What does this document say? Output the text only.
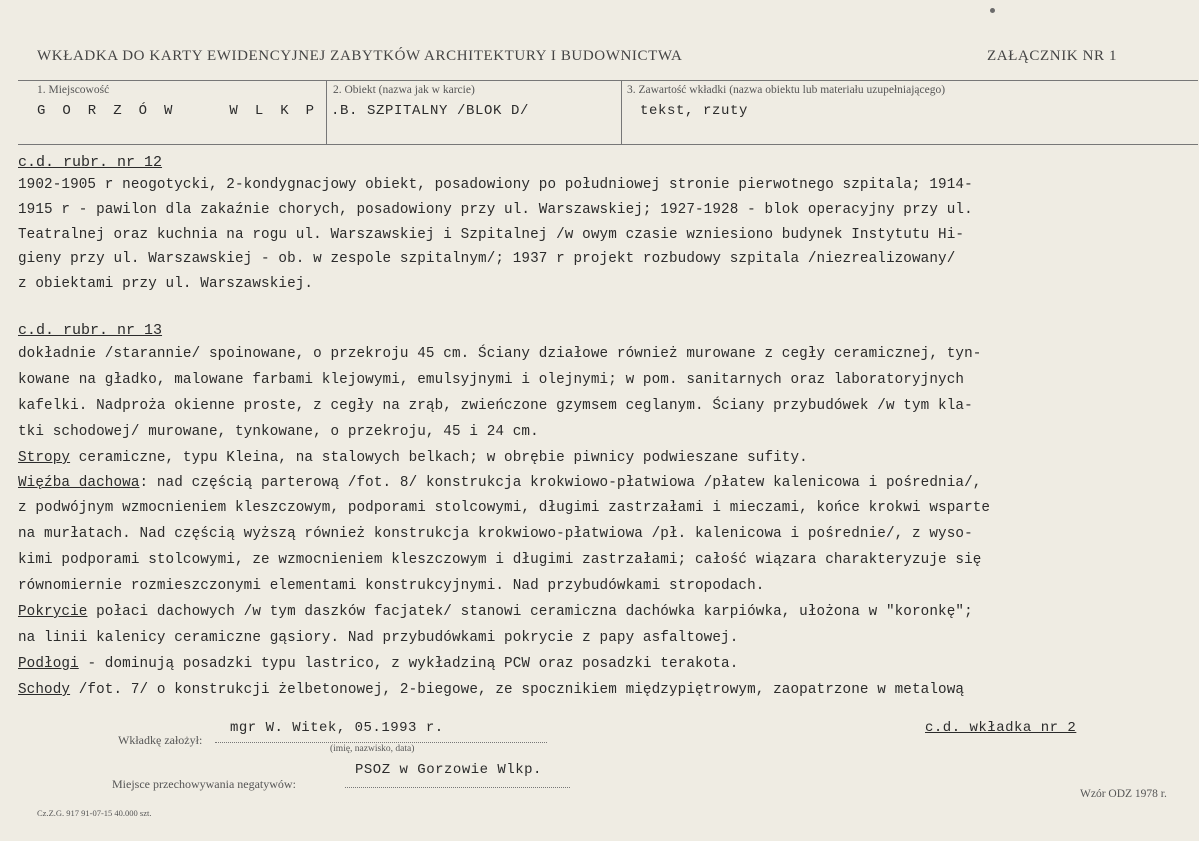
WKŁADKA DO KARTY EWIDENCYJNEJ ZABYTKÓW ARCHITEKTURY I BUDOWNICTWA	ZAŁĄCZNIK NR 1
1. Miejscowość
GORZÓW	WLKP.
2. Obiekt (nazwa jak w karcie)
B. SZPITALNY /BLOK D/
3. Zawartość wkładki (nazwa obiektu lub materiału uzupełniającego)
tekst, rzuty
c.d. rubr. nr 12
1902-1905 r neogotycki, 2-kondygnacjowy obiekt, posadowiony po południowej stronie pierwotnego szpitala; 1914-
1915 r - pawilon dla zakaźnie chorych, posadowiony przy ul. Warszawskiej; 1927-1928 - blok operacyjny przy ul.
Teatralnej oraz kuchnia na rogu ul. Warszawskiej i Szpitalnej /w owym czasie wzniesiono budynek Instytutu Hi-
gieny przy ul. Warszawskiej - ob. w zespole szpitalnym/; 1937 r projekt rozbudowy szpitala /niezrealizowany/
z obiektami przy ul. Warszawskiej.
c.d. rubr. nr 13
dokładnie /starannie/ spoinowane, o przekroju 45 cm. Ściany działowe również murowane z cegły ceramicznej, tyn-
kowane na gładko, malowane farbami klejowymi, emulsyjnymi i olejnymi; w pom. sanitarnych oraz laboratoryjnych
kafelki. Nadproża okienne proste, z cegły na zrąb, zwieńczone gzymsem ceglanym. Ściany przybudówek /w tym kla-
tki schodowej/ murowane, tynkowane, o przekroju, 45 i 24 cm.
Stropy ceramiczne, typu Kleina, na stalowych belkach; w obrębie piwnicy podwieszane sufity.
Więźba dachowa: nad częścią parterową /fot. 8/ konstrukcja krokwiowo-płatwiowa /płatew kalenicowa i pośrednia/,
z podwójnym wzmocnieniem kleszczowym, podporami stolcowymi, długimi zastrzałami i mieczami, końce krokwi wsparte
na murłatach. Nad częścią wyższą również konstrukcja krokwiowo-płatwiowa /pł. kalenicowa i pośrednie/, z wyso-
kimi podporami stolcowymi, ze wzmocnieniem kleszczowym i długimi zastrzałami; całość wiązara charakteryzuje się
równomiernie rozmieszczonymi elementami konstrukcyjnymi. Nad przybudówkami stropodach.
Pokrycie połaci dachowych /w tym daszków facjatek/ stanowi ceramiczna dachówka karpiówka, ułożona w "koronkę";
na linii kalenicy ceramiczne gąsiory. Nad przybudówkami pokrycie z papy asfaltowej.
Podłogi - dominują posadzki typu lastrico, z wykładziną PCW oraz posadzki terakota.
Schody /fot. 7/ o konstrukcji żelbetonowej, 2-biegowe, ze spocznikiem międzypiętrowym, zaopatrzone w metalową
Wkładkę założył:
mgr W. Witek, 05.1993 r.
(imię, nazwisko, data)
c.d. wkładka nr 2
Miejsce przechowywania negatywów:
PSOZ w Gorzowie Wlkp.
Cz.Z.G. 917 91-07-15 40.000 szt.
Wzór ODZ 1978 r.
